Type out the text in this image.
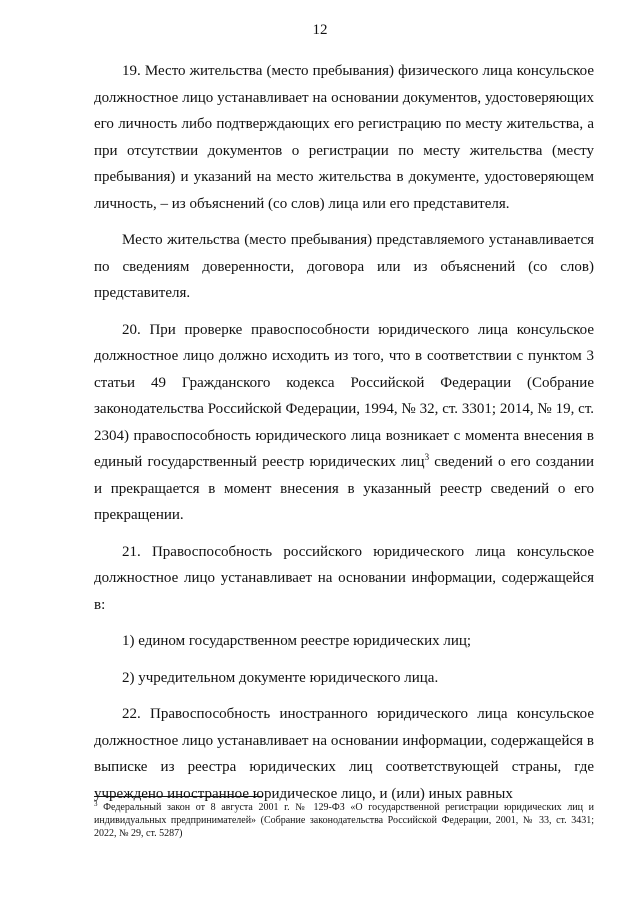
12

19. Место жительства (место пребывания) физического лица консульское должностное лицо устанавливает на основании документов, удостоверяющих его личность либо подтверждающих его регистрацию по месту жительства, а при отсутствии документов о регистрации по месту жительства (месту пребывания) и указаний на место жительства в документе, удостоверяющем личность, – из объяснений (со слов) лица или его представителя.

Место жительства (место пребывания) представляемого устанавливается по сведениям доверенности, договора или из объяснений (со слов) представителя.

20. При проверке правоспособности юридического лица консульское должностное лицо должно исходить из того, что в соответствии с пунктом 3 статьи 49 Гражданского кодекса Российской Федерации (Собрание законодательства Российской Федерации, 1994, № 32, ст. 3301; 2014, № 19, ст. 2304) правоспособность юридического лица возникает с момента внесения в единый государственный реестр юридических лиц$^3$ сведений о его создании и прекращается в момент внесения в указанный реестр сведений о его прекращении.

21. Правоспособность российского юридического лица консульское должностное лицо устанавливает на основании информации, содержащейся в:

1) едином государственном реестре юридических лиц;

2) учредительном документе юридического лица.

22. Правоспособность иностранного юридического лица консульское должностное лицо устанавливает на основании информации, содержащейся в выписке из реестра юридических лиц соответствующей страны, где учреждено иностранное юридическое лицо, и (или) иных равных

$^3$ Федеральный закон от 8 августа 2001 г. № 129-ФЗ «О государственной регистрации юридических лиц и индивидуальных предпринимателей» (Собрание законодательства Российской Федерации, 2001, № 33, ст. 3431; 2022, № 29, ст. 5287)
